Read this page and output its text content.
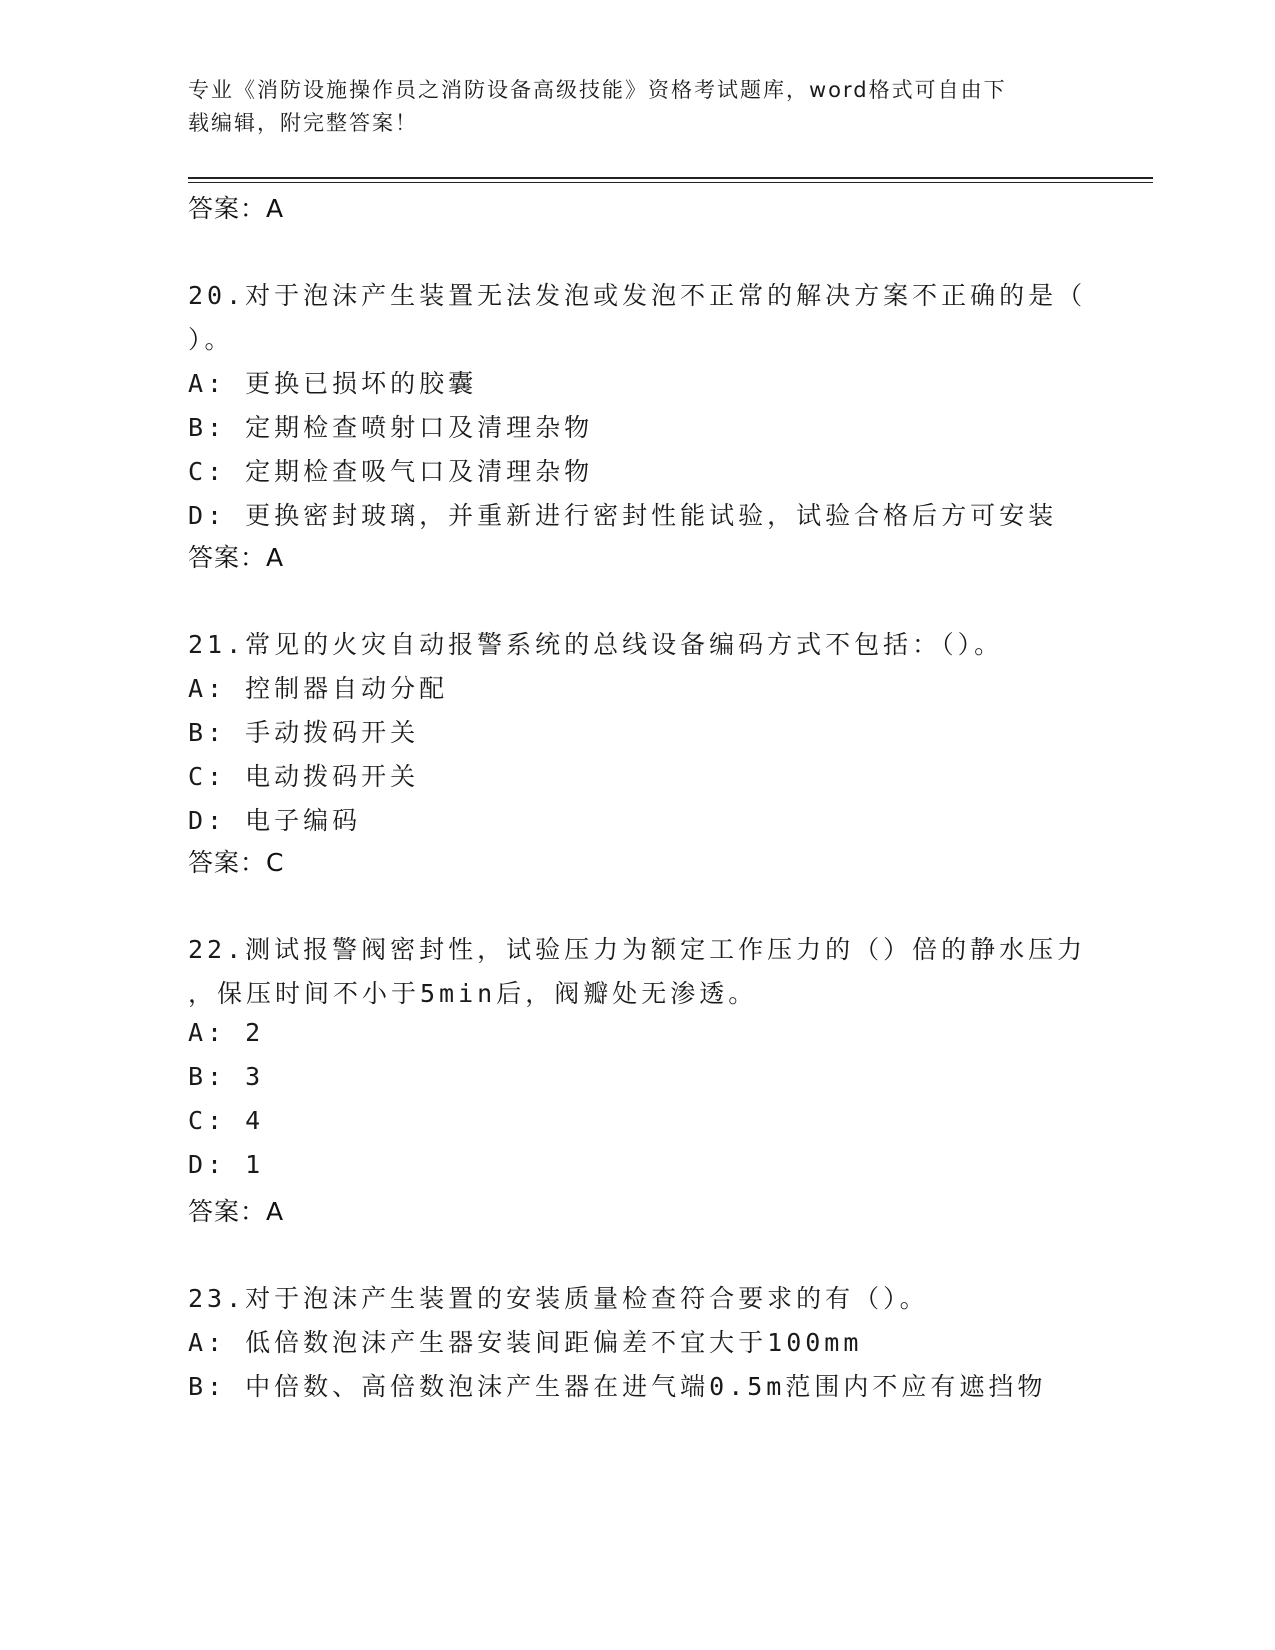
专业《消防设施操作员之消防设备高级技能》资格考试题库，word格式可自由下
载编辑，附完整答案！
答案：A
20.对于泡沫产生装置无法发泡或发泡不正常的解决方案不正确的是（
）。
A: 更换已损坏的胶囊
B: 定期检查喷射口及清理杂物
C: 定期检查吸气口及清理杂物
D: 更换密封玻璃，并重新进行密封性能试验，试验合格后方可安装
答案：A
21.常见的火灾自动报警系统的总线设备编码方式不包括：（）。
A: 控制器自动分配
B: 手动拨码开关
C: 电动拨码开关
D: 电子编码
答案：C
22.测试报警阀密封性，试验压力为额定工作压力的（）倍的静水压力
，保压时间不小于5min后，阀瓣处无渗透。
A: 2
B: 3
C: 4
D: 1
答案：A
23.对于泡沫产生装置的安装质量检查符合要求的有（）。
A: 低倍数泡沫产生器安装间距偏差不宜大于100mm
B: 中倍数、高倍数泡沫产生器在进气端0.5m范围内不应有遮挡物
